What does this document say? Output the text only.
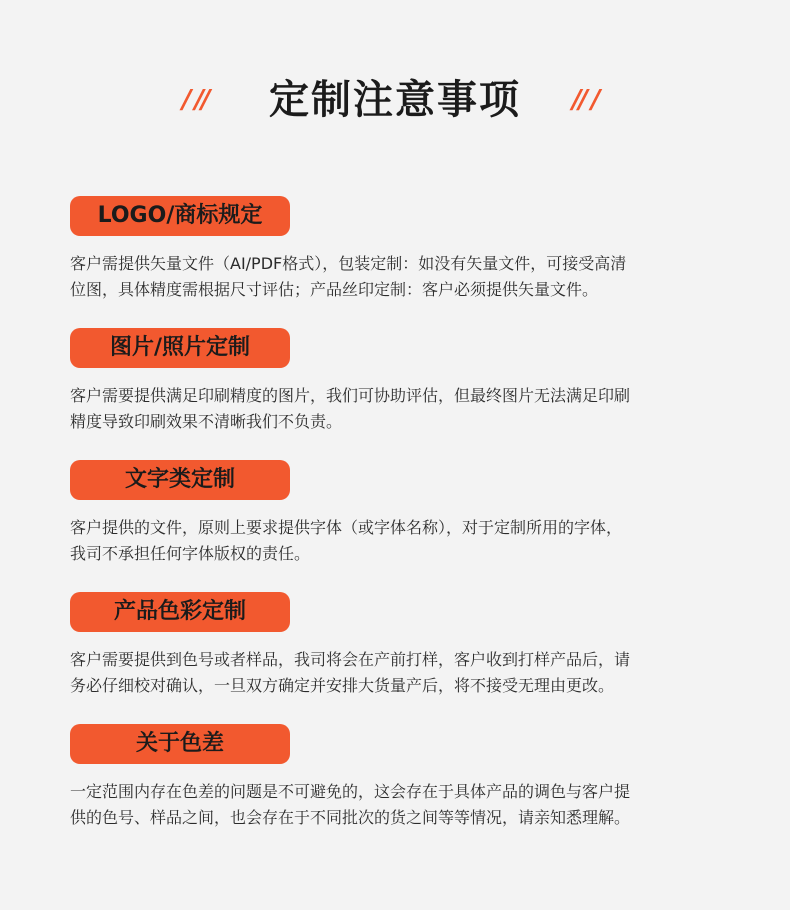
/ //	定制注意事项	// /
LOGO/商标规定
客户需提供矢量文件（AI/PDF格式），包装定制：如没有矢量文件，可接受高清
位图，具体精度需根据尺寸评估；产品丝印定制：客户必须提供矢量文件。
图片/照片定制
客户需要提供满足印刷精度的图片，我们可协助评估，但最终图片无法满足印刷
精度导致印刷效果不清晰我们不负责。
文字类定制
客户提供的文件，原则上要求提供字体（或字体名称），对于定制所用的字体，
我司不承担任何字体版权的责任。
产品色彩定制
客户需要提供到色号或者样品，我司将会在产前打样，客户收到打样产品后，请
务必仔细校对确认，一旦双方确定并安排大货量产后，将不接受无理由更改。
关于色差
一定范围内存在色差的问题是不可避免的，这会存在于具体产品的调色与客户提
供的色号、样品之间，也会存在于不同批次的货之间等等情况，请亲知悉理解。
